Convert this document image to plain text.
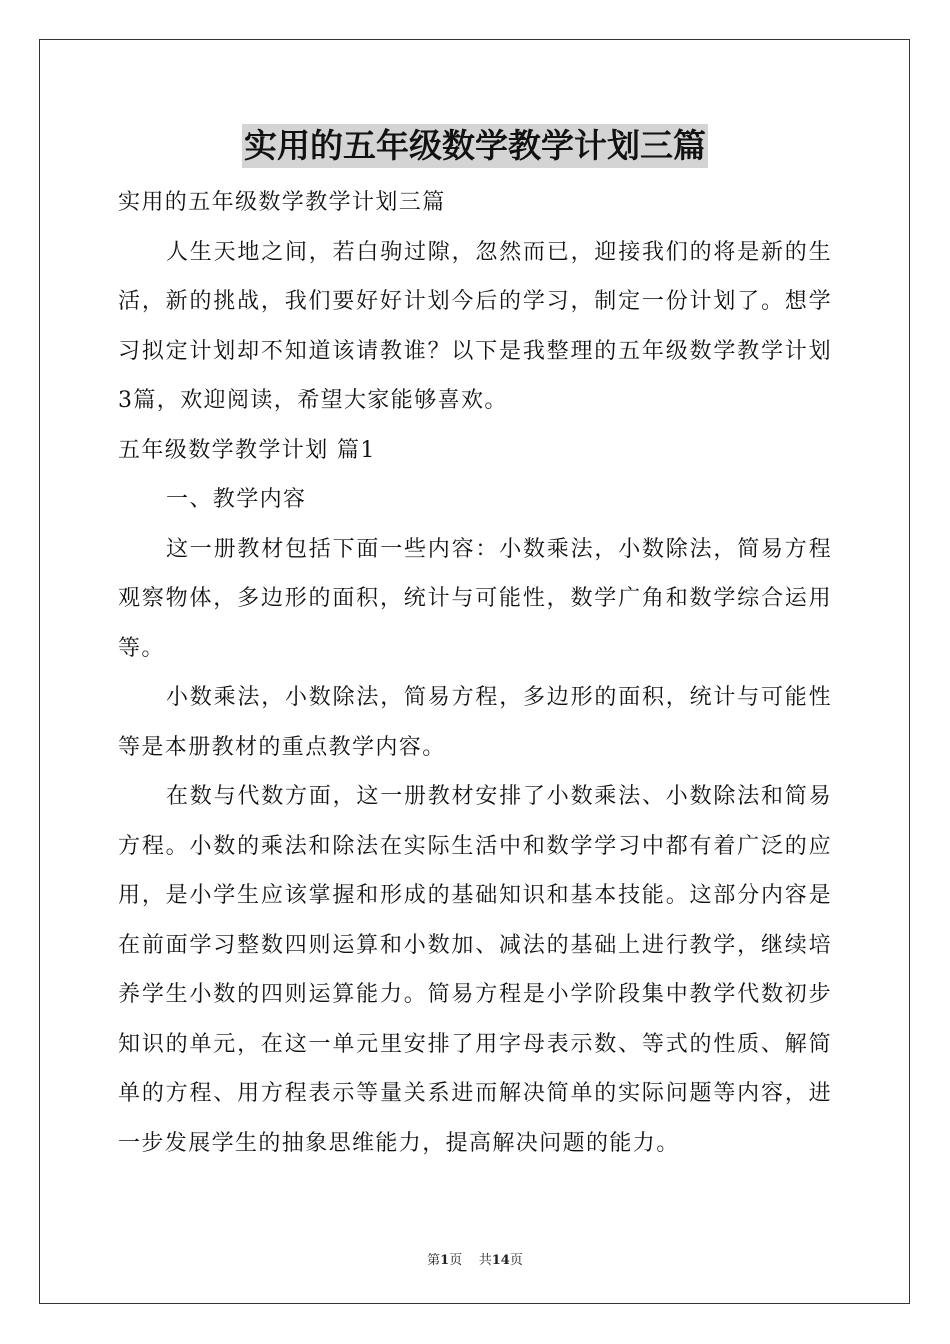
实用的五年级数学教学计划三篇

实用的五年级数学教学计划三篇

人生天地之间，若白驹过隙，忽然而已，迎接我们的将是新的生活，新的挑战，我们要好好计划今后的学习，制定一份计划了。想学习拟定计划却不知道该请教谁？以下是我整理的五年级数学教学计划3篇，欢迎阅读，希望大家能够喜欢。

五年级数学教学计划 篇1

一、教学内容

这一册教材包括下面一些内容：小数乘法，小数除法，简易方程观察物体，多边形的面积，统计与可能性，数学广角和数学综合运用等。

小数乘法，小数除法，简易方程，多边形的面积，统计与可能性等是本册教材的重点教学内容。

在数与代数方面，这一册教材安排了小数乘法、小数除法和简易方程。小数的乘法和除法在实际生活中和数学学习中都有着广泛的应用，是小学生应该掌握和形成的基础知识和基本技能。这部分内容是在前面学习整数四则运算和小数加、减法的基础上进行教学，继续培养学生小数的四则运算能力。简易方程是小学阶段集中教学代数初步知识的单元，在这一单元里安排了用字母表示数、等式的性质、解简单的方程、用方程表示等量关系进而解决简单的实际问题等内容，进一步发展学生的抽象思维能力，提高解决问题的能力。

第1页    共14页
